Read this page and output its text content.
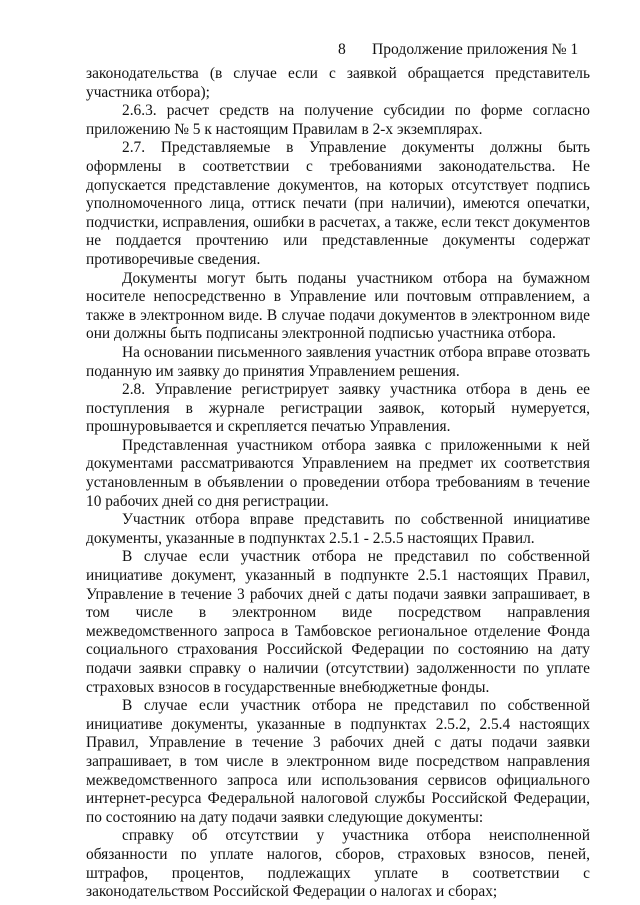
8 Продолжение приложения № 1

законодательства (в случае если с заявкой обращается представитель участника отбора);

2.6.3. расчет средств на получение субсидии по форме согласно приложению № 5 к настоящим Правилам в 2-х экземплярах.

2.7. Представляемые в Управление документы должны быть оформлены в соответствии с требованиями законодательства. Не допускается представление документов, на которых отсутствует подпись уполномоченного лица, оттиск печати (при наличии), имеются опечатки, подчистки, исправления, ошибки в расчетах, а также, если текст документов не поддается прочтению или представленные документы содержат противоречивые сведения.

Документы могут быть поданы участником отбора на бумажном носителе непосредственно в Управление или почтовым отправлением, а также в электронном виде. В случае подачи документов в электронном виде они должны быть подписаны электронной подписью участника отбора.

На основании письменного заявления участник отбора вправе отозвать поданную им заявку до принятия Управлением решения.

2.8. Управление регистрирует заявку участника отбора в день ее поступления в журнале регистрации заявок, который нумеруется, прошнуровывается и скрепляется печатью Управления.

Представленная участником отбора заявка с приложенными к ней документами рассматриваются Управлением на предмет их соответствия установленным в объявлении о проведении отбора требованиям в течение 10 рабочих дней со дня регистрации.

Участник отбора вправе представить по собственной инициативе документы, указанные в подпунктах 2.5.1 - 2.5.5 настоящих Правил.

В случае если участник отбора не представил по собственной инициативе документ, указанный в подпункте 2.5.1 настоящих Правил, Управление в течение 3 рабочих дней с даты подачи заявки запрашивает, в том числе в электронном виде посредством направления межведомственного запроса в Тамбовское региональное отделение Фонда социального страхования Российской Федерации по состоянию на дату подачи заявки справку о наличии (отсутствии) задолженности по уплате страховых взносов в государственные внебюджетные фонды.

В случае если участник отбора не представил по собственной инициативе документы, указанные в подпунктах 2.5.2, 2.5.4 настоящих Правил, Управление в течение 3 рабочих дней с даты подачи заявки запрашивает, в том числе в электронном виде посредством направления межведомственного запроса или использования сервисов официального интернет-ресурса Федеральной налоговой службы Российской Федерации, по состоянию на дату подачи заявки следующие документы:

справку об отсутствии у участника отбора неисполненной обязанности по уплате налогов, сборов, страховых взносов, пеней, штрафов, процентов, подлежащих уплате в соответствии с законодательством Российской Федерации о налогах и сборах;
